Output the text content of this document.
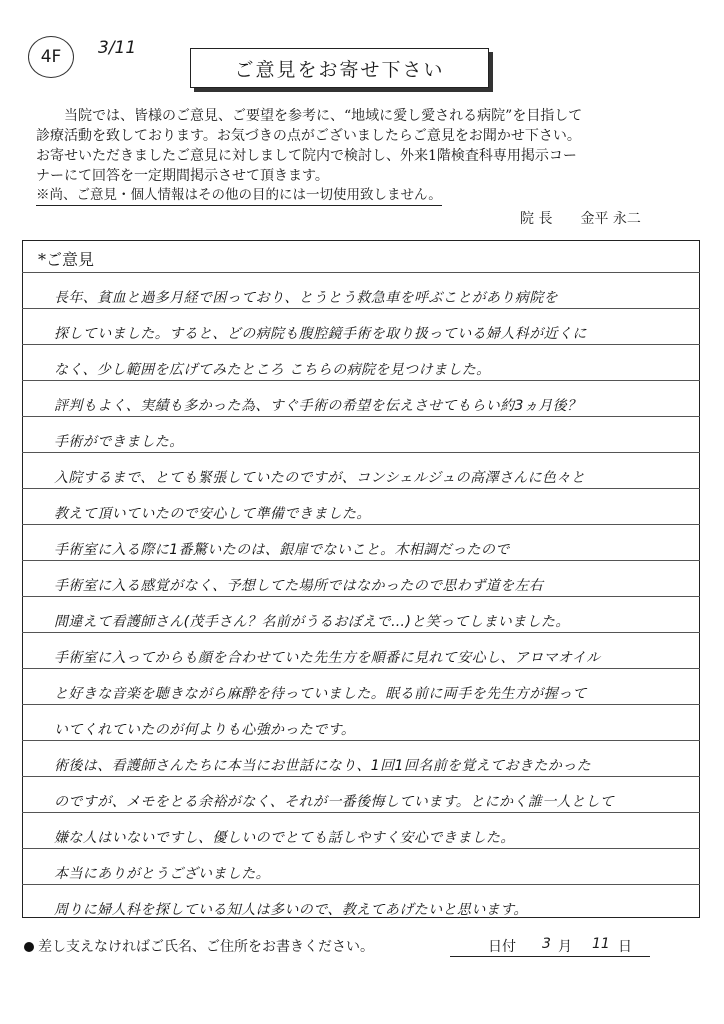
4F	3/11
ご意見をお寄せ下さい

当院では、皆様のご意見、ご要望を参考に、“地域に愛し愛される病院”を目指して

診療活動を致しております。お気づきの点がございましたらご意見をお聞かせ下さい。

お寄せいただきましたご意見に対しまして院内で検討し、外来1階検査科専用掲示コー

ナーにて回答を一定期間掲示させて頂きます。

※尚、ご意見・個人情報はその他の目的には一切使用致しません。
院 長 金平 永二
*ご意見
長年、貧血と過多月経で困っており、とうとう救急車を呼ぶことがあり病院を
探していました。すると、どの病院も腹腔鏡手術を取り扱っている婦人科が近くに
なく、少し範囲を広げてみたところ こちらの病院を見つけました。
評判もよく、実績も多かった為、すぐ手術の希望を伝えさせてもらい約3ヵ月後？
手術ができました。
入院するまで、とても緊張していたのですが、コンシェルジュの高澤さんに色々と
教えて頂いていたので安心して準備できました。
手術室に入る際に1番驚いたのは、銀扉でないこと。木相調だったので
手術室に入る感覚がなく、予想してた場所ではなかったので思わず道を左右
間違えて看護師さん(茂手さん？名前がうるおぼえで…)と笑ってしまいました。
手術室に入ってからも顔を合わせていた先生方を順番に見れて安心し、アロマオイル
と好きな音楽を聴きながら麻酔を待っていました。眠る前に両手を先生方が握って
いてくれていたのが何よりも心強かったです。
術後は、看護師さんたちに本当にお世話になり、1回1回名前を覚えておきたかった
のですが、メモをとる余裕がなく、それが一番後悔しています。とにかく誰一人として
嫌な人はいないですし、優しいのでとても話しやすく安心できました。
本当にありがとうございました。
周りに婦人科を探している知人は多いので、教えてあげたいと思います。
差し支えなければご氏名、ご住所をお書きください。	日付 3 月 11 日
